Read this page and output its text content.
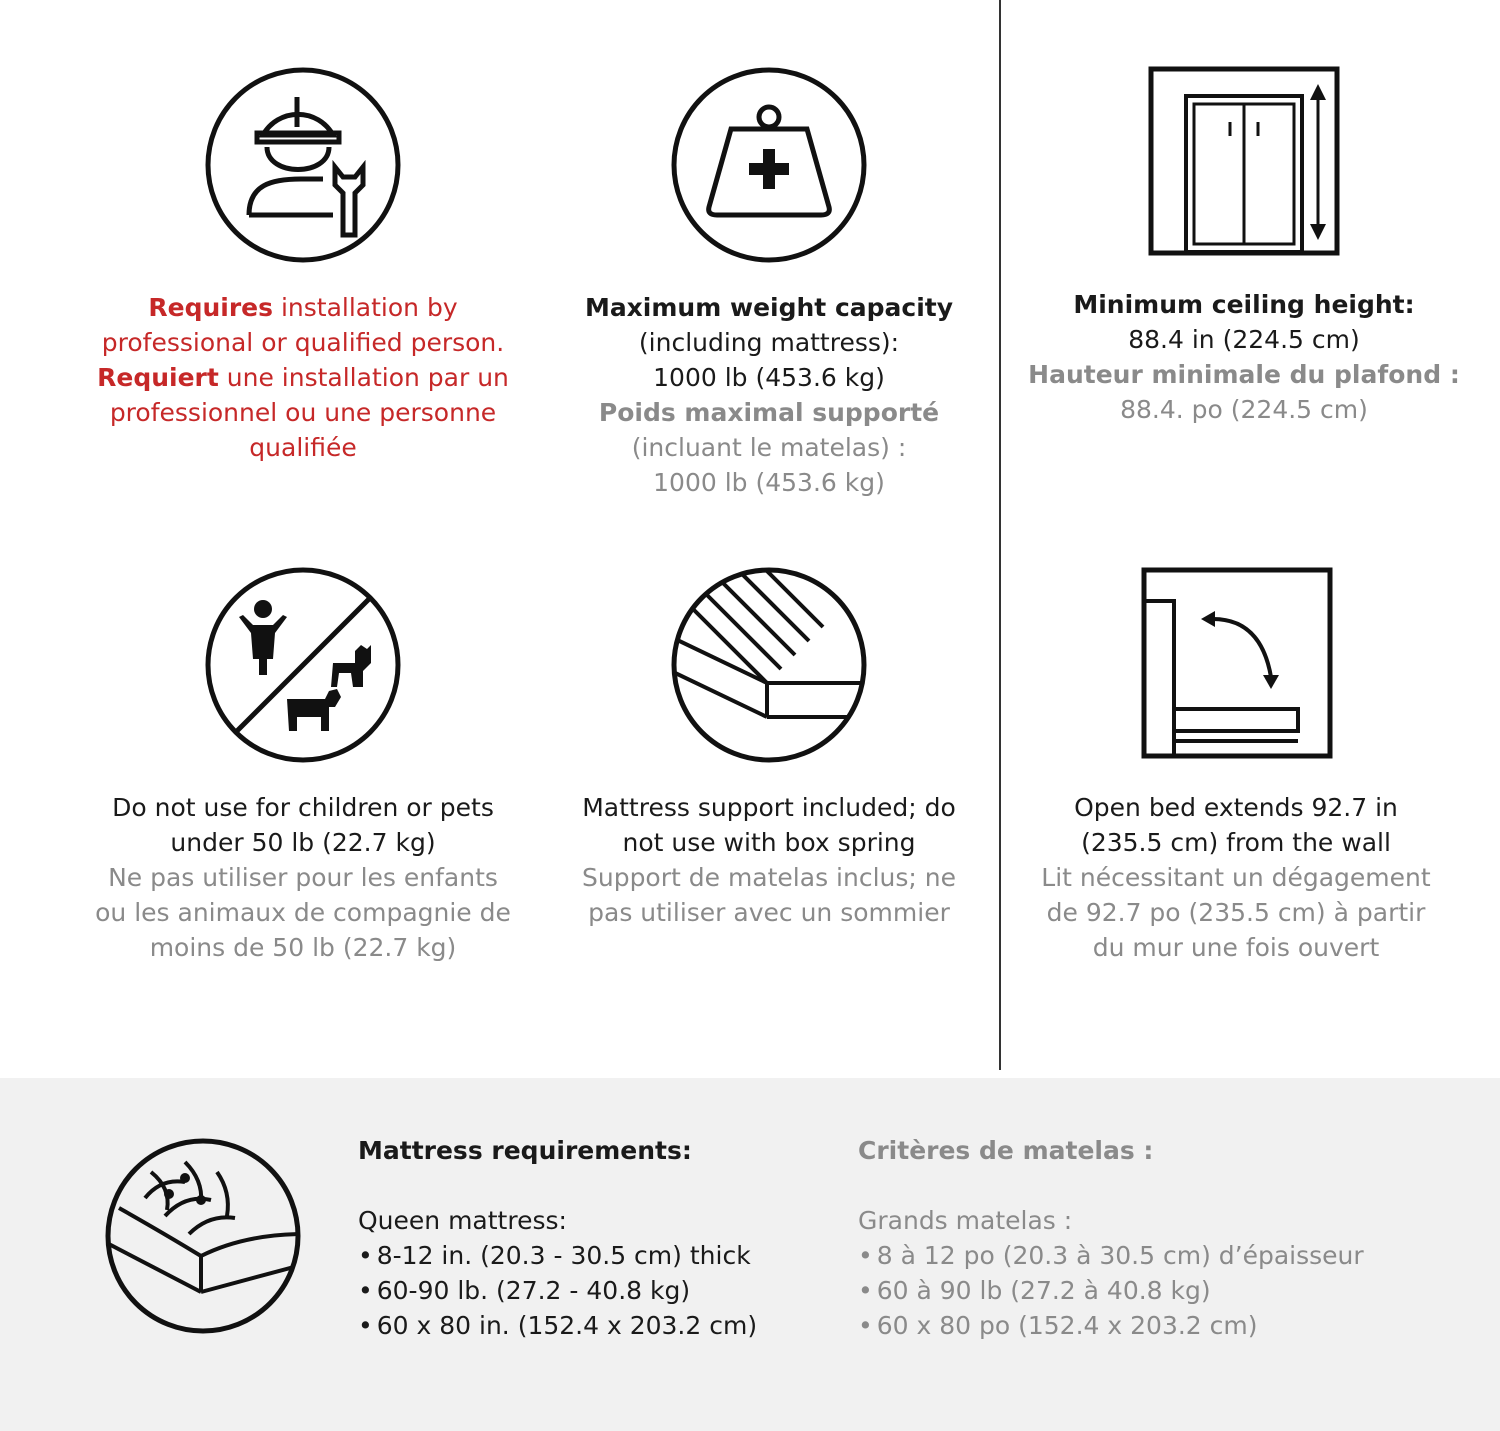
Requires installation by
professional or qualified person.
Requiert une installation par un
professionnel ou une personne
qualifiée
Maximum weight capacity
(including mattress):
1000 lb (453.6 kg)
Poids maximal supporté
(incluant le matelas) :
1000 lb (453.6 kg)
Minimum ceiling height:
88.4 in (224.5 cm)
Hauteur minimale du plafond :
88.4. po (224.5 cm)
Do not use for children or pets
under 50 lb (22.7 kg)
Ne pas utiliser pour les enfants
ou les animaux de compagnie de
moins de 50 lb (22.7 kg)
Mattress support included; do
not use with box spring
Support de matelas inclus; ne
pas utiliser avec un sommier
Open bed extends 92.7 in
(235.5 cm) from the wall
Lit nécessitant un dégagement
de 92.7 po (235.5 cm) à partir
du mur une fois ouvert
Mattress requirements:
Queen mattress:
• 8-12 in. (20.3 - 30.5 cm) thick
• 60-90 lb. (27.2 - 40.8 kg)
• 60 x 80 in. (152.4 x 203.2 cm)
Critères de matelas :
Grands matelas :
• 8 à 12 po (20.3 à 30.5 cm) d’épaisseur
• 60 à 90 lb (27.2 à 40.8 kg)
• 60 x 80 po (152.4 x 203.2 cm)
